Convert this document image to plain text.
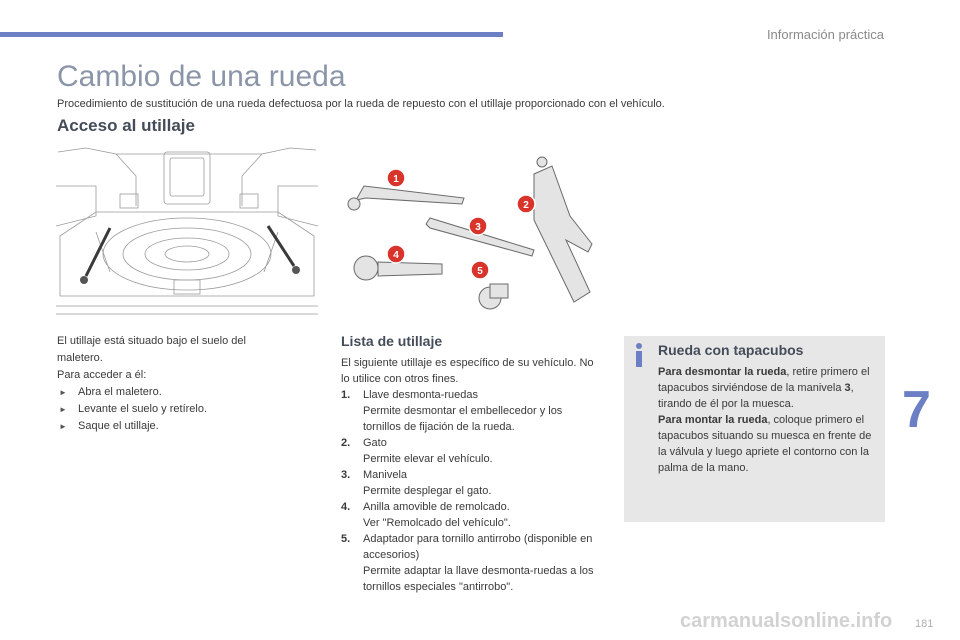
Información práctica
Cambio de una rueda
Procedimiento de sustitución de una rueda defectuosa por la rueda de repuesto con el utillaje proporcionado con el vehículo.
Acceso al utillaje
1
2
3
4
5

El utillaje está situado bajo el suelo del maletero.

Para acceder a él:

► Abra el maletero.
► Levante el suelo y retírelo.
► Saque el utillaje.
Lista de utillaje

El siguiente utillaje es específico de su vehículo. No lo utilice con otros fines.

1.	Llave desmonta-ruedas
Permite desmontar el embellecedor y los tornillos de fijación de la rueda.
2.	Gato
Permite elevar el vehículo.
3.	Manivela
Permite desplegar el gato.
4.	Anilla amovible de remolcado.
Ver "Remolcado del vehículo".
5.	Adaptador para tornillo antirrobo (disponible en accesorios)
Permite adaptar la llave desmonta-ruedas a los tornillos especiales "antirrobo".
Rueda con tapacubos
Para desmontar la rueda, retire primero el tapacubos sirviéndose de la manivela 3, tirando de él por la muesca.
Para montar la rueda, coloque primero el tapacubos situando su muesca en frente de la válvula y luego apriete el contorno con la palma de la mano.
7
carmanualsonline.info 181
